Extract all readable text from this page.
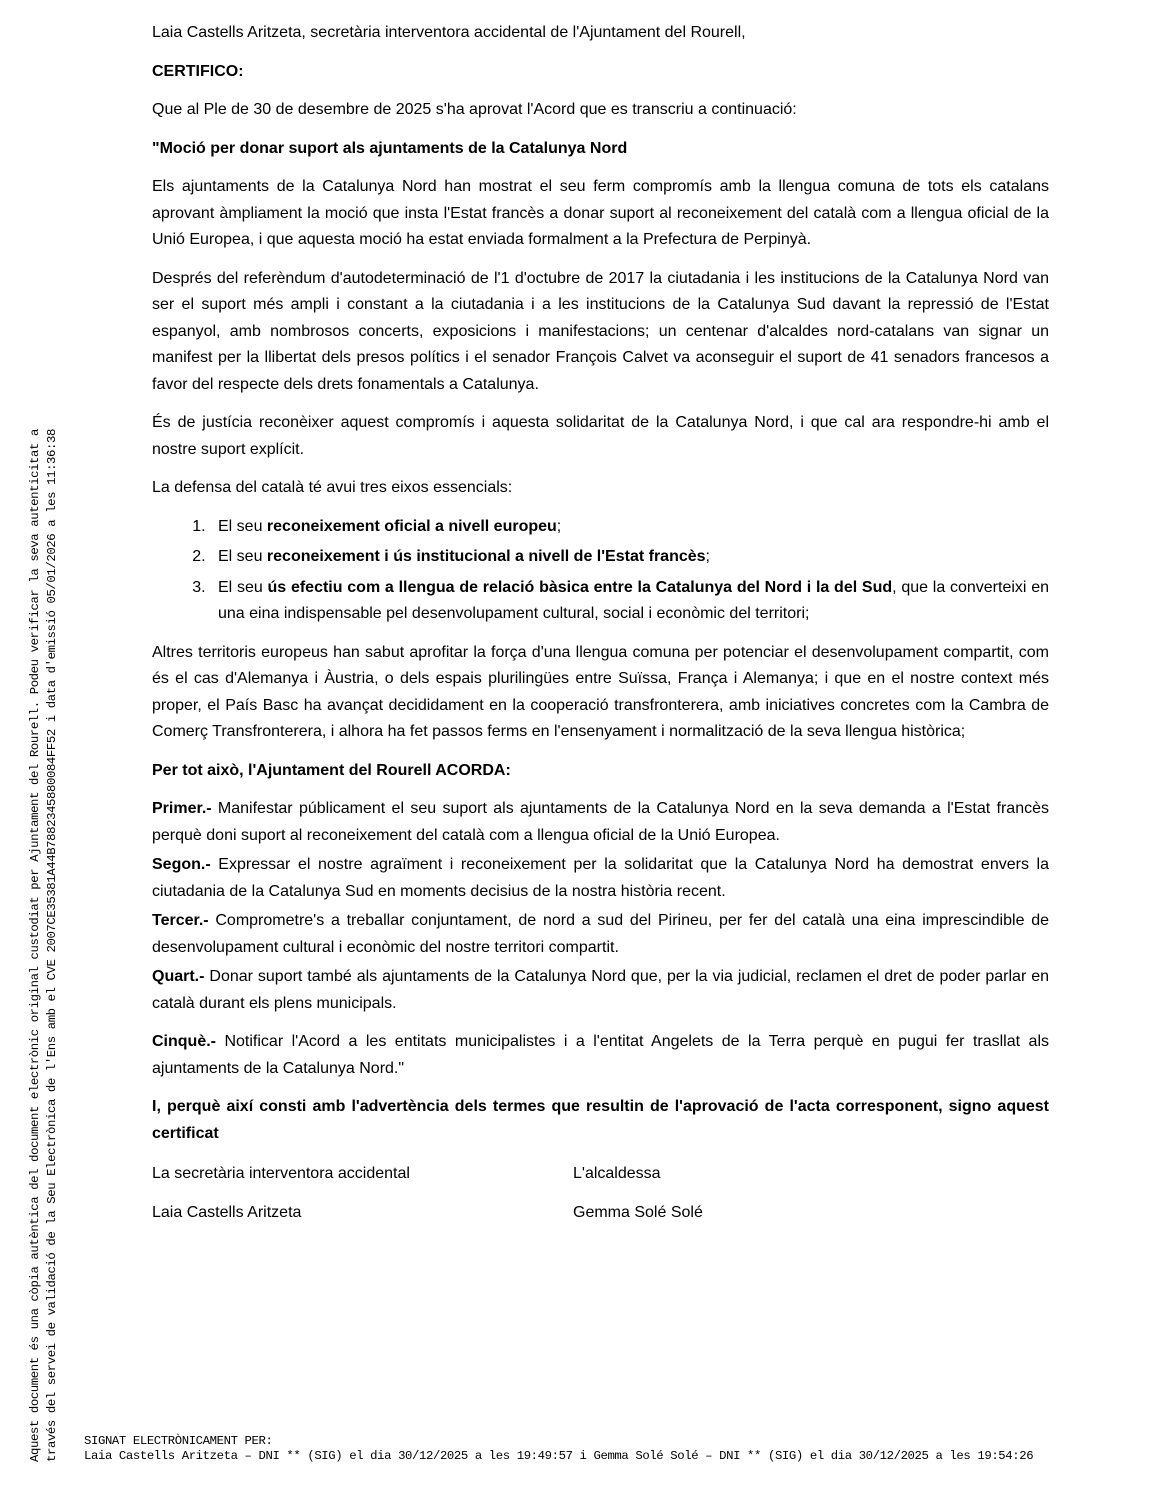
Aquest document és una còpia autèntica del document electrònic original custodiat per Ajuntament del Rourell. Podeu verificar la seva autenticitat a través del servei de validació de la Seu Electrònica de l'Ens amb el CVE 2007CE35381A44B7882345880084FF52 i data d'emissió 05/01/2026 a les 11:36:38

Laia Castells Aritzeta, secretària interventora accidental de l'Ajuntament del Rourell,

CERTIFICO:

Que al Ple de 30 de desembre de 2025 s'ha aprovat l'Acord que es transcriu a continuació:

"Moció per donar suport als ajuntaments de la Catalunya Nord

Els ajuntaments de la Catalunya Nord han mostrat el seu ferm compromís amb la llengua comuna de tots els catalans aprovant àmpliament la moció que insta l'Estat francès a donar suport al reconeixement del català com a llengua oficial de la Unió Europea, i que aquesta moció ha estat enviada formalment a la Prefectura de Perpinyà.

Després del referèndum d'autodeterminació de l'1 d'octubre de 2017 la ciutadania i les institucions de la Catalunya Nord van ser el suport més ampli i constant a la ciutadania i a les institucions de la Catalunya Sud davant la repressió de l'Estat espanyol, amb nombrosos concerts, exposicions i manifestacions; un centenar d'alcaldes nord-catalans van signar un manifest per la llibertat dels presos polítics i el senador François Calvet va aconseguir el suport de 41 senadors francesos a favor del respecte dels drets fonamentals a Catalunya.

És de justícia reconèixer aquest compromís i aquesta solidaritat de la Catalunya Nord, i que cal ara respondre-hi amb el nostre suport explícit.

La defensa del català té avui tres eixos essencials:

1. El seu reconeixement oficial a nivell europeu;
2. El seu reconeixement i ús institucional a nivell de l'Estat francès;
3. El seu ús efectiu com a llengua de relació bàsica entre la Catalunya del Nord i la del Sud, que la converteixi en una eina indispensable pel desenvolupament cultural, social i econòmic del territori;

Altres territoris europeus han sabut aprofitar la força d'una llengua comuna per potenciar el desenvolupament compartit, com és el cas d'Alemanya i Àustria, o dels espais plurilingües entre Suïssa, França i Alemanya; i que en el nostre context més proper, el País Basc ha avançat decididament en la cooperació transfronterera, amb iniciatives concretes com la Cambra de Comerç Transfronterera, i alhora ha fet passos ferms en l'ensenyament i normalització de la seva llengua històrica;

Per tot això, l'Ajuntament del Rourell ACORDA:

Primer.- Manifestar públicament el seu suport als ajuntaments de la Catalunya Nord en la seva demanda a l'Estat francès perquè doni suport al reconeixement del català com a llengua oficial de la Unió Europea.

Segon.- Expressar el nostre agraïment i reconeixement per la solidaritat que la Catalunya Nord ha demostrat envers la ciutadania de la Catalunya Sud en moments decisius de la nostra història recent.

Tercer.- Comprometre's a treballar conjuntament, de nord a sud del Pirineu, per fer del català una eina imprescindible de desenvolupament cultural i econòmic del nostre territori compartit.

Quart.- Donar suport també als ajuntaments de la Catalunya Nord que, per la via judicial, reclamen el dret de poder parlar en català durant els plens municipals.

Cinquè.- Notificar l'Acord a les entitats municipalistes i a l'entitat Angelets de la Terra perquè en pugui fer trasllat als ajuntaments de la Catalunya Nord."

I, perquè així consti amb l'advertència dels termes que resultin de l'aprovació de l'acta corresponent, signo aquest certificat

La secretària interventora accidental
Laia Castells Aritzeta
L'alcaldessa
Gemma Solé Solé
SIGNAT ELECTRÒNICAMENT PER:
Laia Castells Aritzeta – DNI ** (SIG) el dia 30/12/2025 a les 19:49:57 i Gemma Solé Solé – DNI ** (SIG) el dia 30/12/2025 a les 19:54:26
